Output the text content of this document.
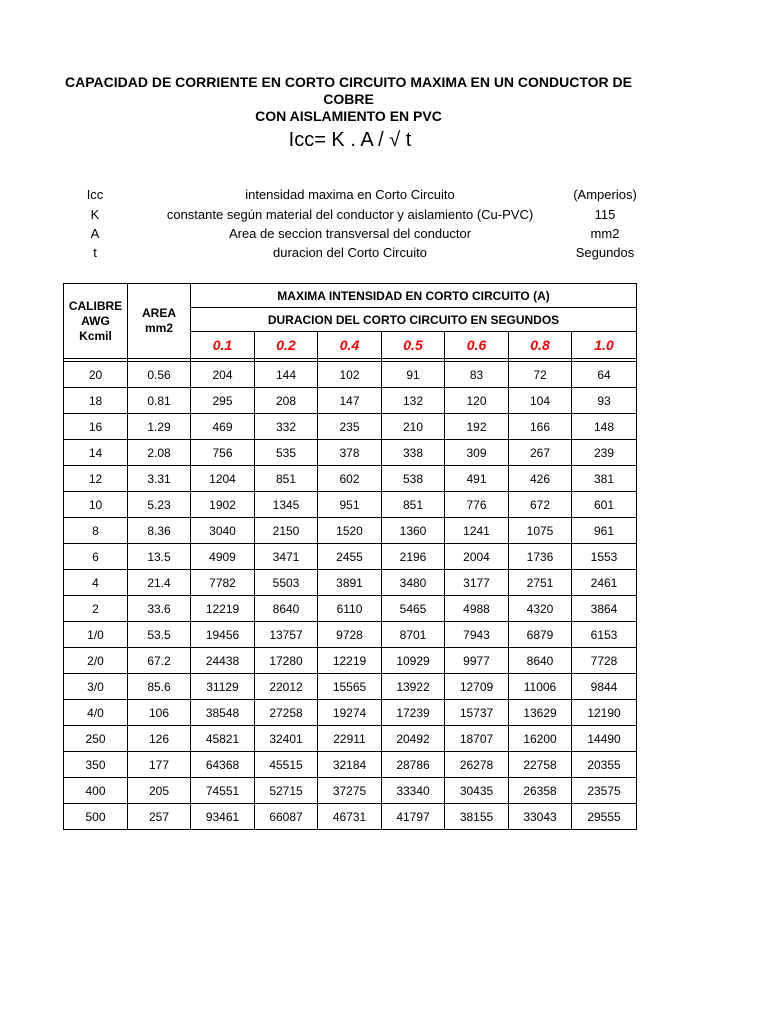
CAPACIDAD DE CORRIENTE EN CORTO CIRCUITO MAXIMA EN UN CONDUCTOR DE COBRE
CON AISLAMIENTO EN PVC
Icc= K . A / √ t
Icc	intensidad maxima en Corto Circuito	(Amperios)
K	constante según material del conductor y aislamiento (Cu-PVC)	115
A	Area de seccion transversal del conductor	mm2
t	duracion del Corto Circuito	Segundos
CALIBRE AWG Kcmil	AREA mm2	MAXIMA INTENSIDAD EN CORTO CIRCUITO (A)						
		DURACION DEL CORTO CIRCUITO EN SEGUNDOS						
		0.1	0.2	0.4	0.5	0.6	0.8	1.0

20	0.56	204	144	102	91	83	72	64
18	0.81	295	208	147	132	120	104	93
16	1.29	469	332	235	210	192	166	148
14	2.08	756	535	378	338	309	267	239
12	3.31	1204	851	602	538	491	426	381
10	5.23	1902	1345	951	851	776	672	601
8	8.36	3040	2150	1520	1360	1241	1075	961
6	13.5	4909	3471	2455	2196	2004	1736	1553
4	21.4	7782	5503	3891	3480	3177	2751	2461
2	33.6	12219	8640	6110	5465	4988	4320	3864
1/0	53.5	19456	13757	9728	8701	7943	6879	6153
2/0	67.2	24438	17280	12219	10929	9977	8640	7728
3/0	85.6	31129	22012	15565	13922	12709	11006	9844
4/0	106	38548	27258	19274	17239	15737	13629	12190
250	126	45821	32401	22911	20492	18707	16200	14490
350	177	64368	45515	32184	28786	26278	22758	20355
400	205	74551	52715	37275	33340	30435	26358	23575
500	257	93461	66087	46731	41797	38155	33043	29555
